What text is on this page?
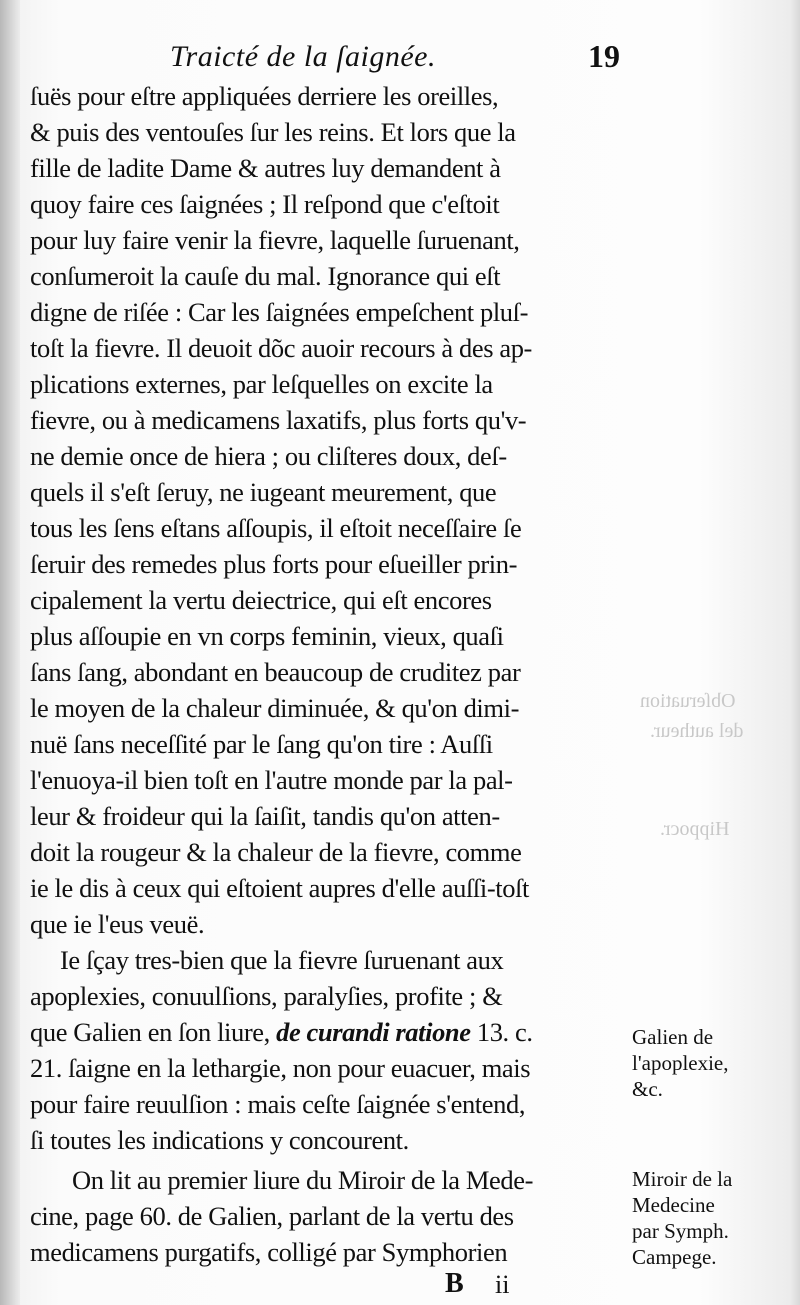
Traicté de la ſaignée.	19
Obſeruation
del autheur.
Hippocr.
ſuës pour eſtre appliquées derriere les oreilles,
& puis des ventouſes ſur les reins. Et lors que la
fille de ladite Dame & autres luy demandent à
quoy faire ces ſaignées ; Il reſpond que c'eſtoit
pour luy faire venir la fievre, laquelle ſuruenant,
conſumeroit la cauſe du mal. Ignorance qui eſt
digne de riſée : Car les ſaignées empeſchent pluſ-
toſt la fievre. Il deuoit dõc auoir recours à des ap-
plications externes, par leſquelles on excite la
fievre, ou à medicamens laxatifs, plus forts qu'v-
ne demie once de hiera ; ou cliſteres doux, deſ-
quels il s'eſt ſeruy, ne iugeant meurement, que
tous les ſens eſtans aſſoupis, il eſtoit neceſſaire ſe
ſeruir des remedes plus forts pour eſueiller prin-
cipalement la vertu deiectrice, qui eſt encores
plus aſſoupie en vn corps feminin, vieux, quaſi
ſans ſang, abondant en beaucoup de cruditez par
le moyen de la chaleur diminuée, & qu'on dimi-
nuë ſans neceſſité par le ſang qu'on tire : Auſſi
l'enuoya-il bien toſt en l'autre monde par la pal-
leur & froideur qui la ſaiſit, tandis qu'on atten-
doit la rougeur & la chaleur de la fievre, comme
ie le dis à ceux qui eſtoient aupres d'elle auſſi-toſt
que ie l'eus veuë.
Ie ſçay tres-bien que la fievre ſuruenant aux
apoplexies, conuulſions, paralyſies, profite ; &
que Galien en ſon liure, de curandi ratione 13. c.
21. ſaigne en la lethargie, non pour euacuer, mais
pour faire reuulſion : mais ceſte ſaignée s'entend,
ſi toutes les indications y concourent.
On lit au premier liure du Miroir de la Mede-
cine, page 60. de Galien, parlant de la vertu des
medicamens purgatifs, colligé par Symphorien
Galien de
l'apoplexie,
&c.
Miroir de la
Medecine
par Symph.
Campege.
B ii
